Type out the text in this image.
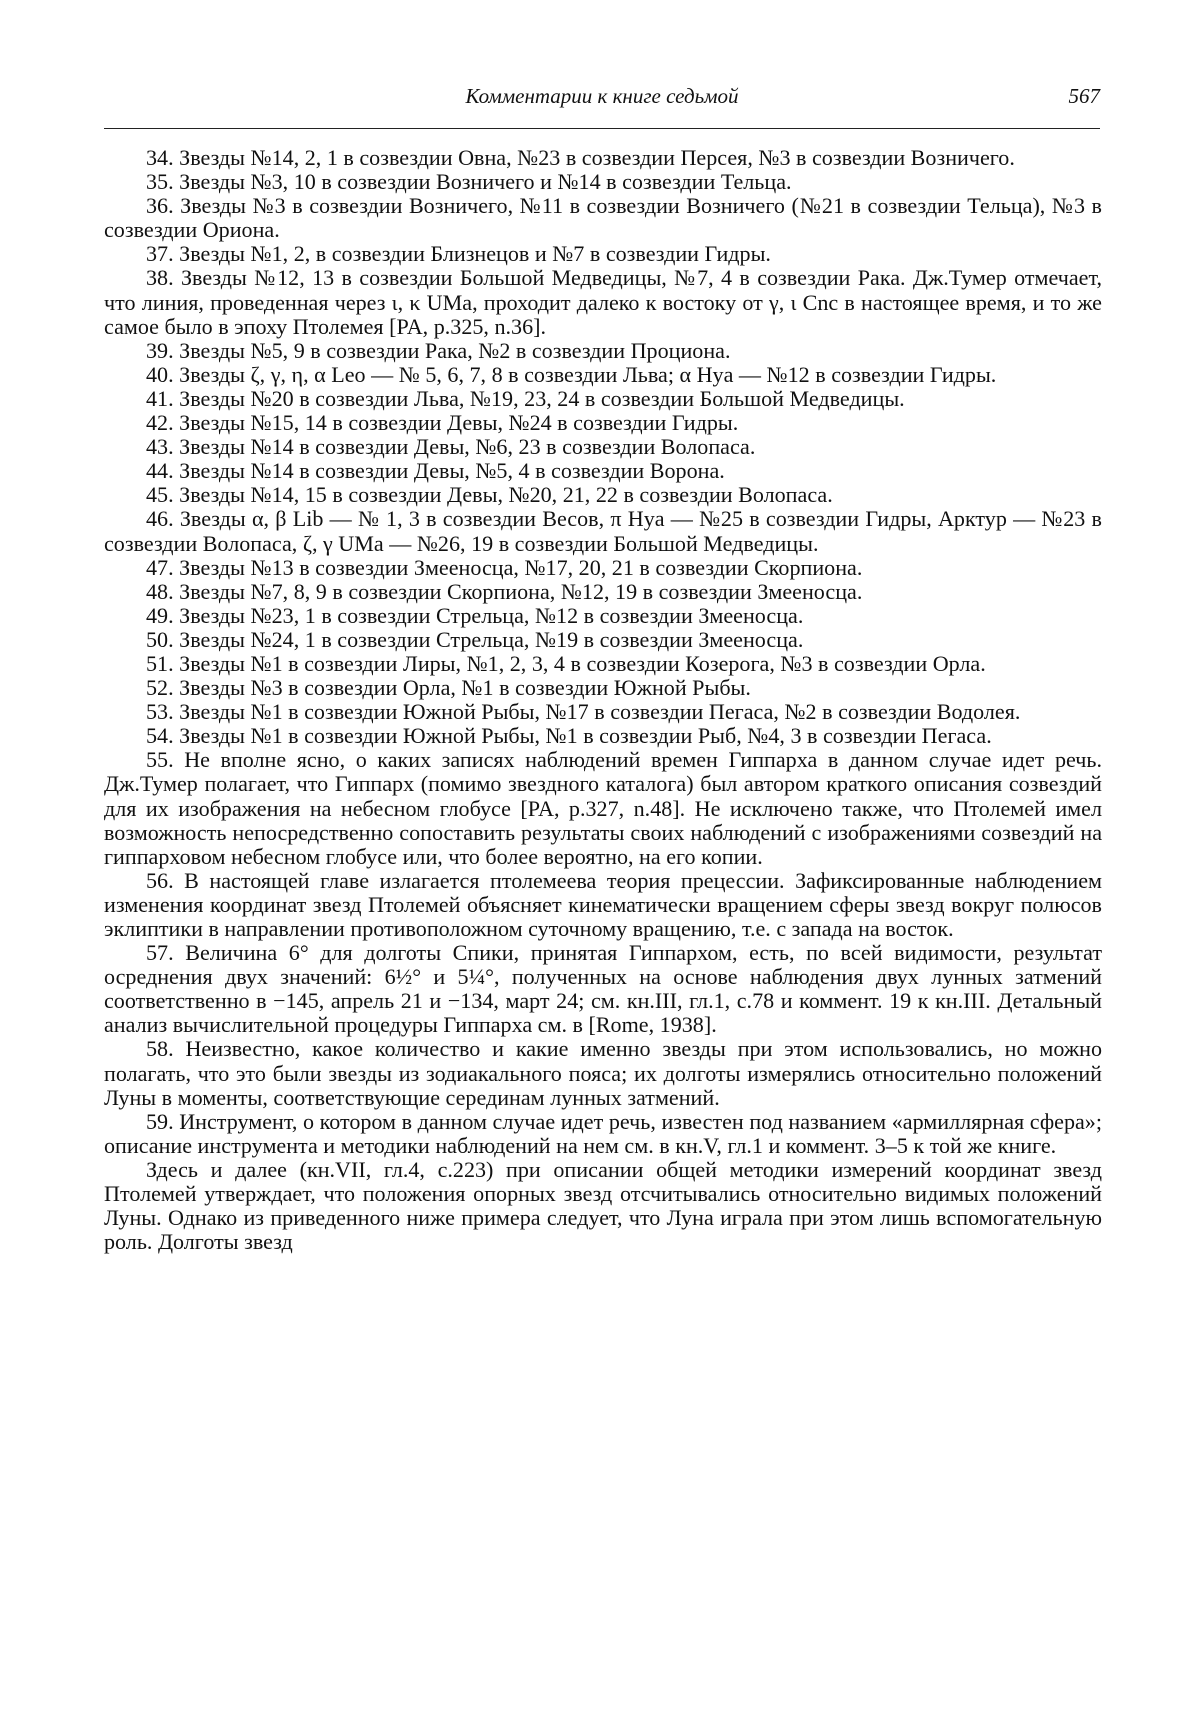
Комментарии к книге седьмой	567

34. Звезды №14, 2, 1 в созвездии Овна, №23 в созвездии Персея, №3 в созвездии Возничего.

35. Звезды №3, 10 в созвездии Возничего и №14 в созвездии Тельца.

36. Звезды №3 в созвездии Возничего, №11 в созвездии Возничего (№21 в созвездии Тельца), №3 в созвездии Ориона.

37. Звезды №1, 2, в созвездии Близнецов и №7 в созвездии Гидры.

38. Звезды №12, 13 в созвездии Большой Медведицы, №7, 4 в созвездии Рака. Дж.Тумер отмечает, что линия, проведенная через ι, κ UMa, проходит далеко к востоку от γ, ι Cnc в настоящее время, и то же самое было в эпоху Птолемея [PA, p.325, n.36].

39. Звезды №5, 9 в созвездии Рака, №2 в созвездии Проциона.

40. Звезды ζ, γ, η, α Leo — № 5, 6, 7, 8 в созвездии Льва; α Hya — №12 в созвездии Гидры.

41. Звезды №20 в созвездии Льва, №19, 23, 24 в созвездии Большой Медведицы.

42. Звезды №15, 14 в созвездии Девы, №24 в созвездии Гидры.

43. Звезды №14 в созвездии Девы, №6, 23 в созвездии Волопаса.

44. Звезды №14 в созвездии Девы, №5, 4 в созвездии Ворона.

45. Звезды №14, 15 в созвездии Девы, №20, 21, 22 в созвездии Волопаса.

46. Звезды α, β Lib — № 1, 3 в созвездии Весов, π Hya — №25 в созвездии Гидры, Арктур — №23 в созвездии Волопаса, ζ, γ UMa — №26, 19 в созвездии Большой Медведицы.

47. Звезды №13 в созвездии Змееносца, №17, 20, 21 в созвездии Скорпиона.

48. Звезды №7, 8, 9 в созвездии Скорпиона, №12, 19 в созвездии Змееносца.

49. Звезды №23, 1 в созвездии Стрельца, №12 в созвездии Змееносца.

50. Звезды №24, 1 в созвездии Стрельца, №19 в созвездии Змееносца.

51. Звезды №1 в созвездии Лиры, №1, 2, 3, 4 в созвездии Козерога, №3 в созвездии Орла.

52. Звезды №3 в созвездии Орла, №1 в созвездии Южной Рыбы.

53. Звезды №1 в созвездии Южной Рыбы, №17 в созвездии Пегаса, №2 в созвездии Водолея.

54. Звезды №1 в созвездии Южной Рыбы, №1 в созвездии Рыб, №4, 3 в созвездии Пегаса.

55. Не вполне ясно, о каких записях наблюдений времен Гиппарха в данном случае идет речь. Дж.Тумер полагает, что Гиппарх (помимо звездного каталога) был автором краткого описания созвездий для их изображения на небесном глобусе [PA, p.327, n.48]. Не исключено также, что Птолемей имел возможность непосредственно сопоставить результаты своих наблюдений с изображениями созвездий на гиппарховом небесном глобусе или, что более вероятно, на его копии.

56. В настоящей главе излагается птолемеева теория прецессии. Зафиксированные наблюдением изменения координат звезд Птолемей объясняет кинематически вращением сферы звезд вокруг полюсов эклиптики в направлении противоположном суточному вращению, т.е. с запада на восток.

57. Величина 6° для долготы Спики, принятая Гиппархом, есть, по всей видимости, результат осреднения двух значений: 6½° и 5¼°, полученных на основе наблюдения двух лунных затмений соответственно в −145, апрель 21 и −134, март 24; см. кн.III, гл.1, с.78 и коммент. 19 к кн.III. Детальный анализ вычислительной процедуры Гиппарха см. в [Rome, 1938].

58. Неизвестно, какое количество и какие именно звезды при этом использовались, но можно полагать, что это были звезды из зодиакального пояса; их долготы измерялись относительно положений Луны в моменты, соответствующие серединам лунных затмений.

59. Инструмент, о котором в данном случае идет речь, известен под названием «армиллярная сфера»; описание инструмента и методики наблюдений на нем см. в кн.V, гл.1 и коммент. 3–5 к той же книге.

Здесь и далее (кн.VII, гл.4, с.223) при описании общей методики измерений координат звезд Птолемей утверждает, что положения опорных звезд отсчитывались относительно видимых положений Луны. Однако из приведенного ниже примера следует, что Луна играла при этом лишь вспомогательную роль. Долготы звезд
